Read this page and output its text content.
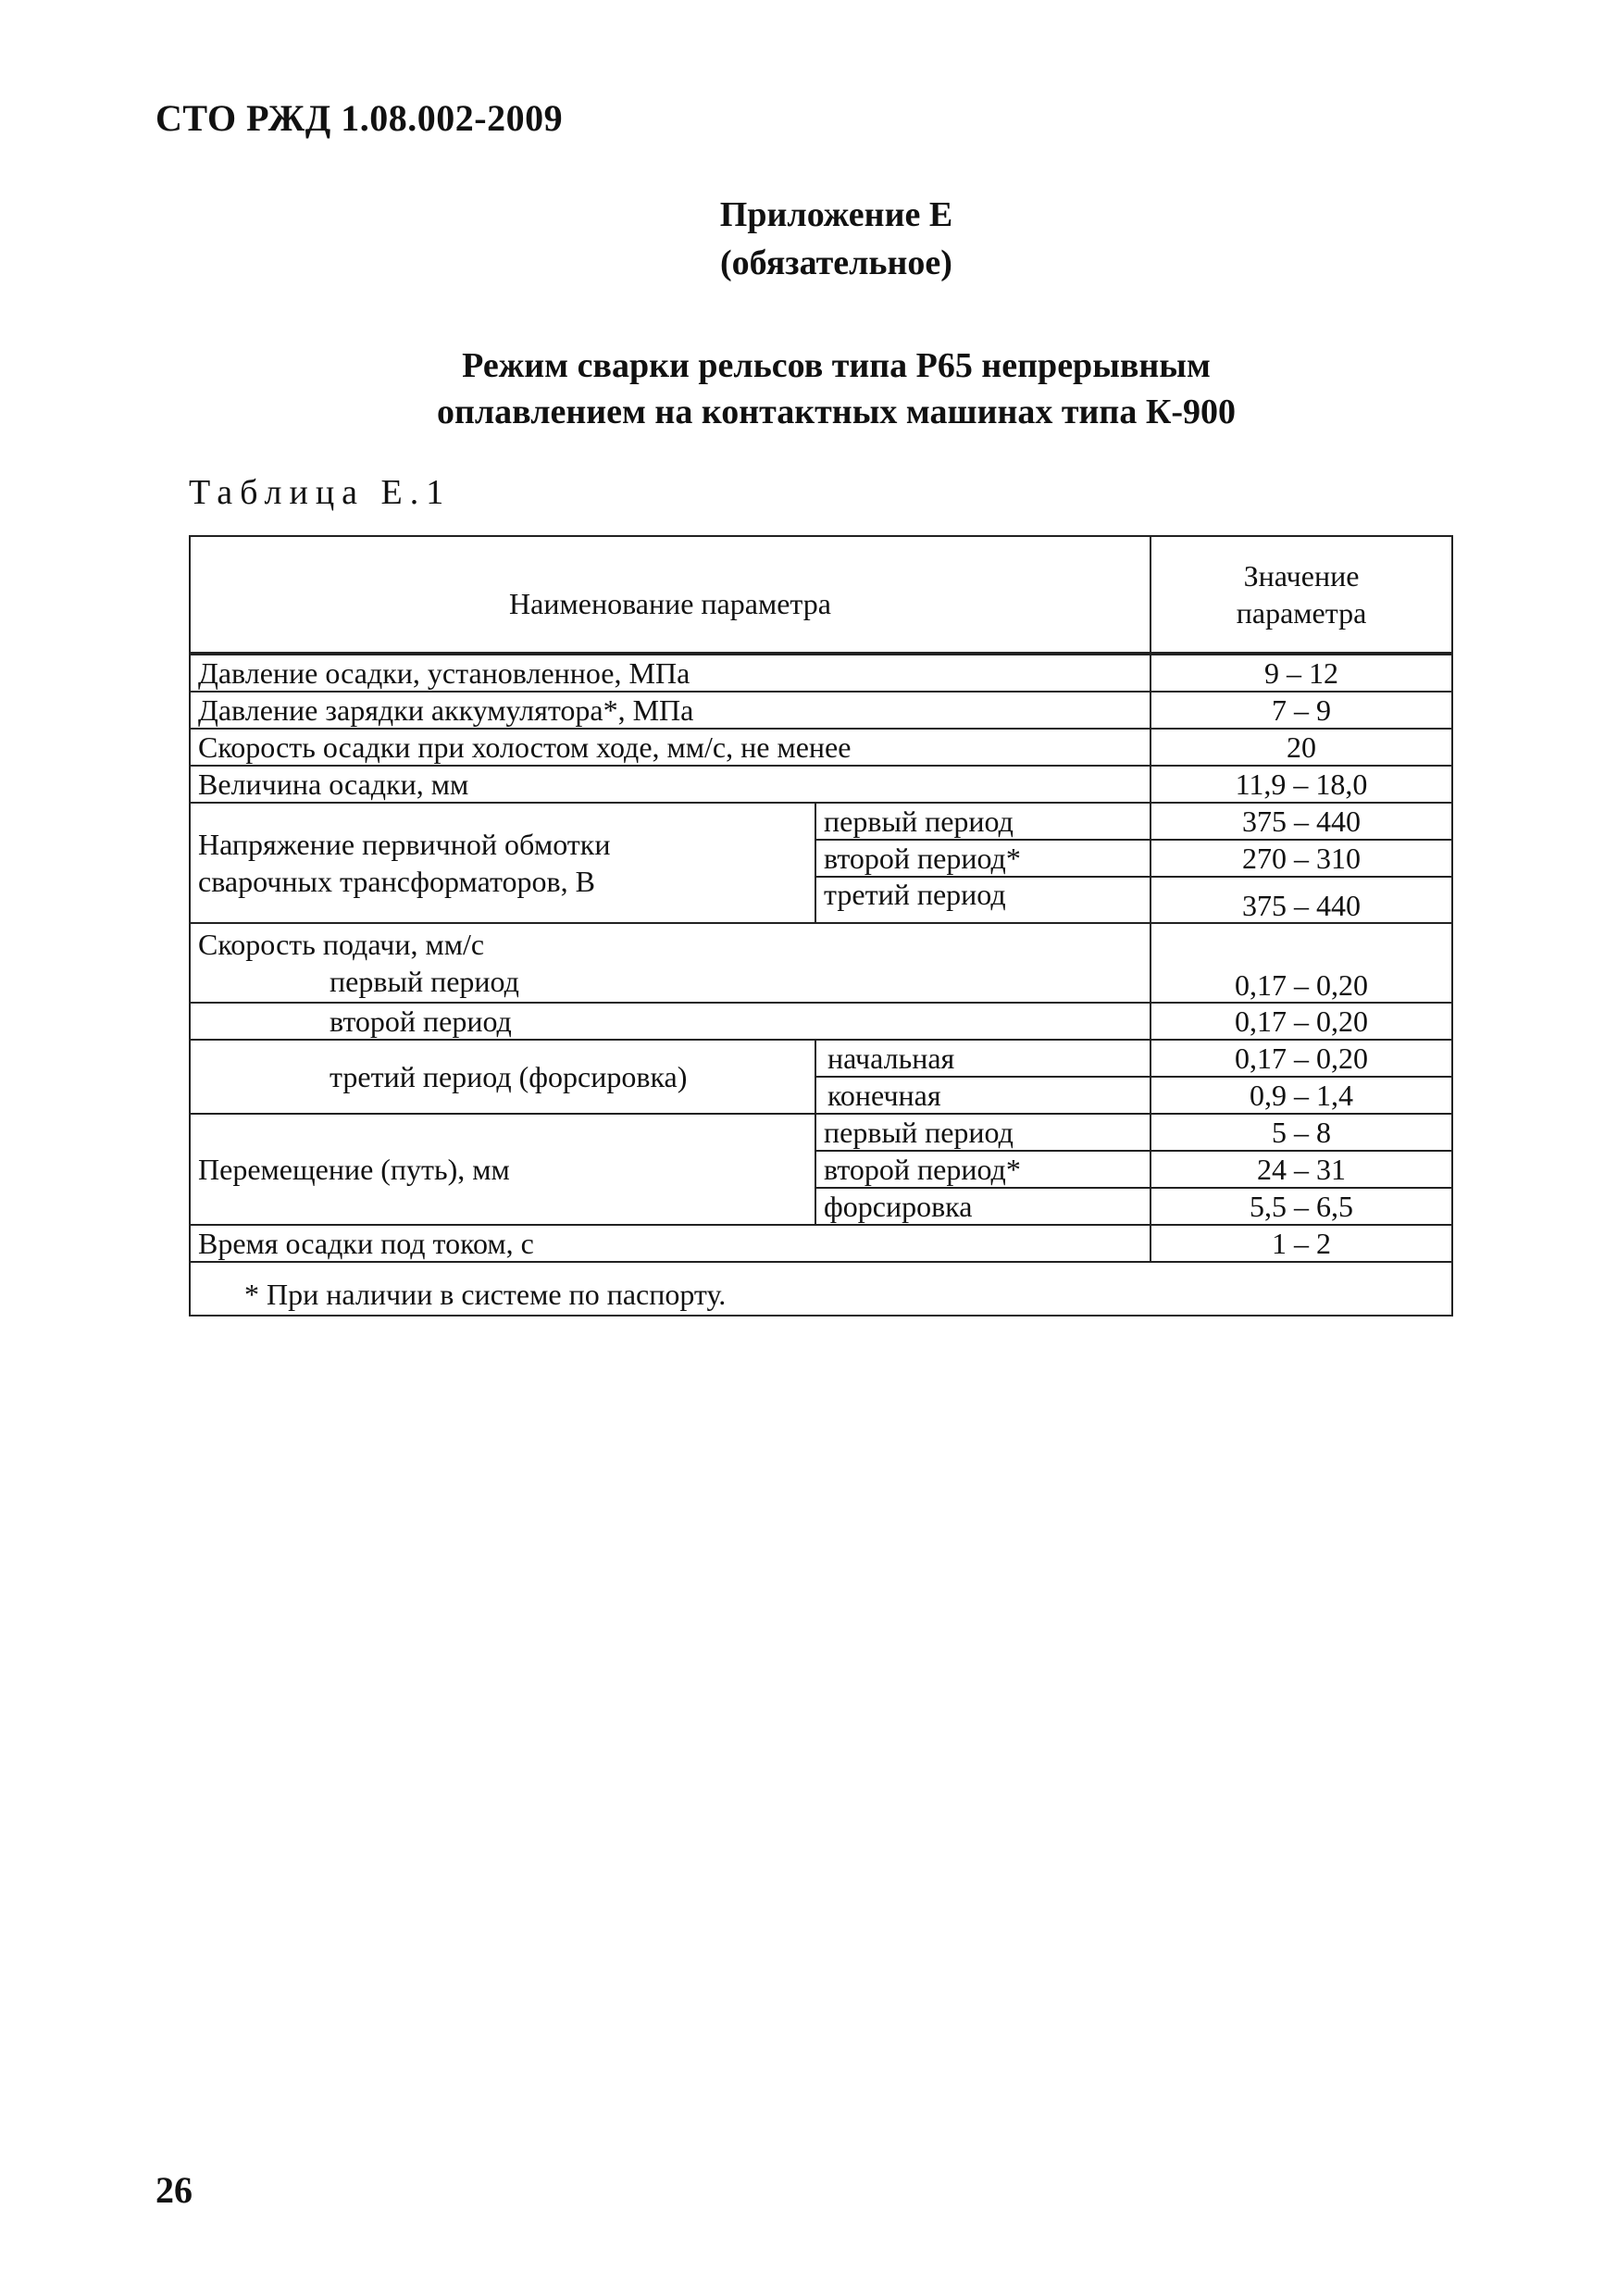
СТО РЖД 1.08.002-2009
Приложение Е
(обязательное)
Режим сварки рельсов типа Р65 непрерывным
оплавлением на контактных машинах типа К-900
Таблица Е.1
Наименование параметра		Значение
параметра

Давление осадки, установленное, МПа		9 – 12
Давление зарядки аккумулятора*, МПа		7 – 9
Скорость осадки при холостом ходе, мм/с, не менее		20
Величина осадки, мм		11,9 – 18,0

Напряжение первичной обмотки
сварочных трансформаторов, В	первый период	375 – 440
	второй период*	270 – 310
	третий период	375 – 440

Скорость подачи, мм/с
первый период		0,17 – 0,20
второй период		0,17 – 0,20
третий период (форсировка)	начальная	0,17 – 0,20
	конечная	0,9 – 1,4
Перемещение (путь), мм	первый период	5 – 8
	второй период*	24 – 31
	форсировка	5,5 – 6,5
Время осадки под током, с		1 – 2
* При наличии в системе по паспорту.		
26
